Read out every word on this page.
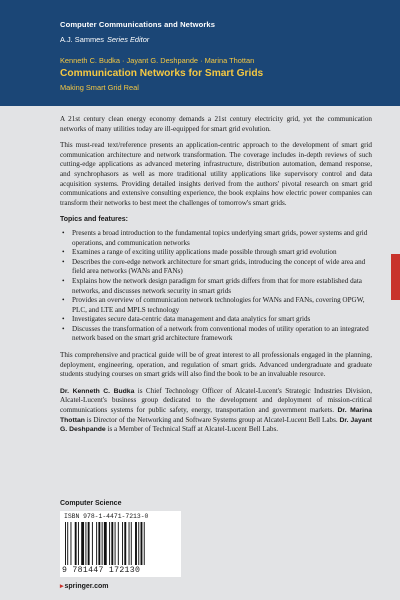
Computer Communications and Networks
A.J. Sammes Series Editor
Kenneth C. Budka · Jayant G. Deshpande · Marina Thottan
Communication Networks for Smart Grids
Making Smart Grid Real

A 21st century clean energy economy demands a 21st century electricity grid, yet the communication networks of many utilities today are ill-equipped for smart grid evolution.

This must-read text/reference presents an application-centric approach to the development of smart grid communication architecture and network transformation. The coverage includes in-depth reviews of such cutting-edge applications as advanced metering infrastructure, distribution automation, demand response, and synchrophasors as well as more traditional utility applications like supervisory control and data acquisition systems. Providing detailed insights derived from the authors' pivotal research on smart grid communications and extensive consulting experience, the book explains how electric power companies can transform their networks to best meet the challenges of tomorrow's smart grids.

Topics and features:
• Presents a broad introduction to the fundamental topics underlying smart grids, power systems and grid operations, and communication networks
• Examines a range of exciting utility applications made possible through smart grid evolution
• Describes the core-edge network architecture for smart grids, introducing the concept of wide area and field area networks (WANs and FANs)
• Explains how the network design paradigm for smart grids differs from that for more established data networks, and discusses network security in smart grids
• Provides an overview of communication network technologies for WANs and FANs, covering OPGW, PLC, and LTE and MPLS technology
• Investigates secure data-centric data management and data analytics for smart grids
• Discusses the transformation of a network from conventional modes of utility operation to an integrated network based on the smart grid architecture framework

This comprehensive and practical guide will be of great interest to all professionals engaged in the planning, deployment, engineering, operation, and regulation of smart grids. Advanced undergraduate and graduate students studying courses on smart grids will also find the book to be an invaluable resource.

Dr. Kenneth C. Budka is Chief Technology Officer of Alcatel-Lucent's Strategic Industries Division, Alcatel-Lucent's business group dedicated to the development and deployment of mission-critical communications systems for public safety, energy, transportation and government markets. Dr. Marina Thottan is Director of the Networking and Software Systems group at Alcatel-Lucent Bell Labs. Dr. Jayant G. Deshpande is a Member of Technical Staff at Alcatel-Lucent Bell Labs.

Computer Science
ISBN 978-1-4471-7213-0
9 781447 172130
▸springer.com
